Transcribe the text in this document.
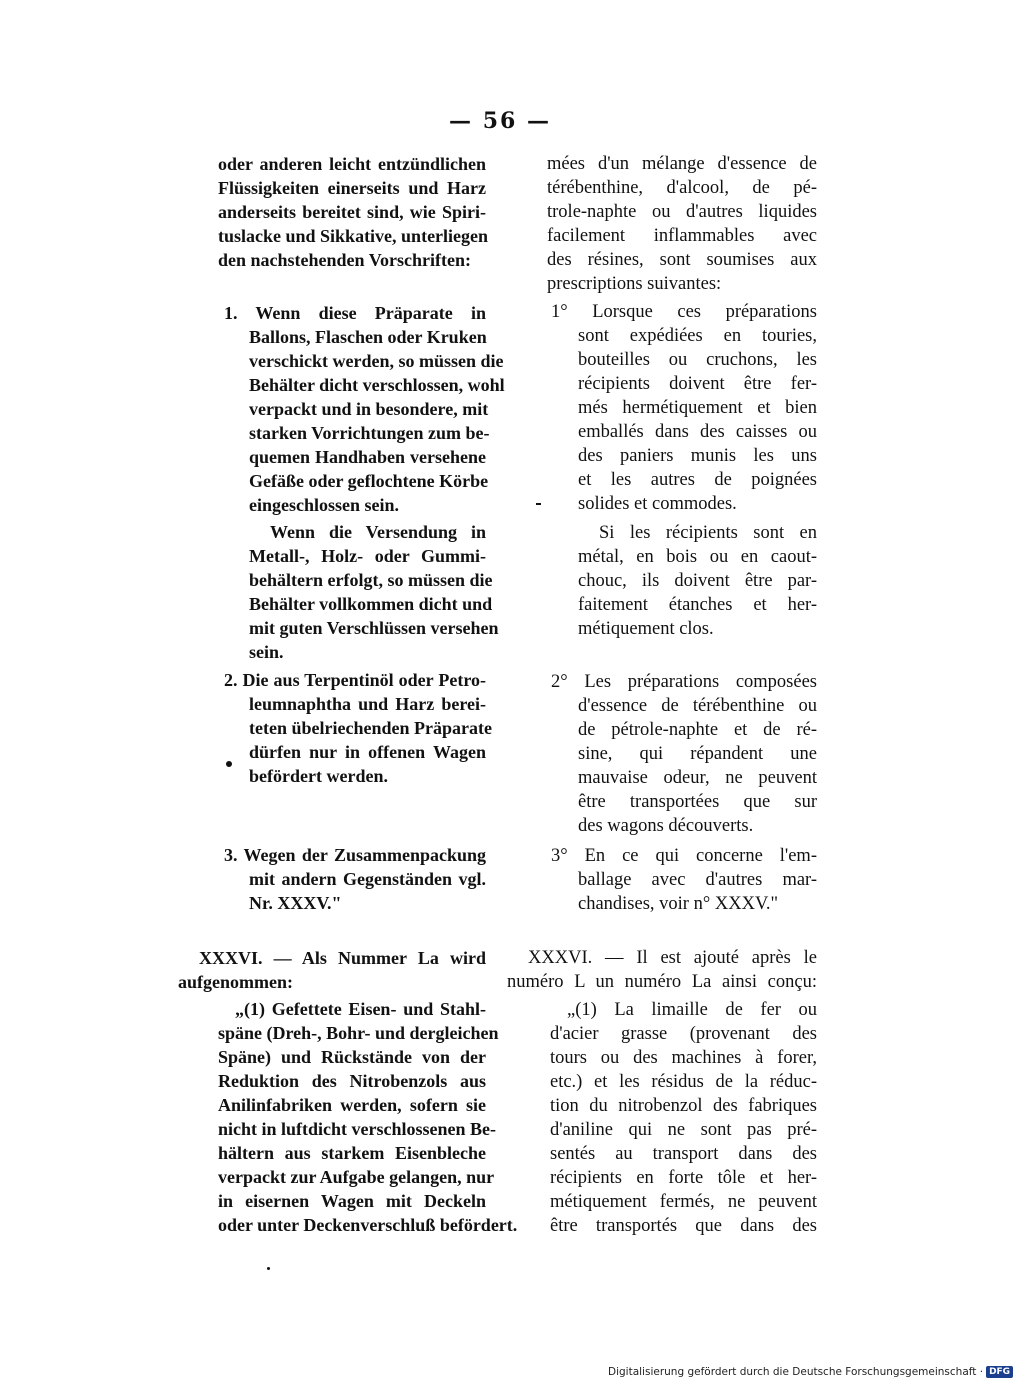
— 56 —
oder anderen leicht entzündlichen
Flüssigkeiten einerseits und Harz
anderseits bereitet sind, wie Spiri-
tuslacke und Sikkative, unterliegen
den nachstehenden Vorschriften:
1. Wenn diese Präparate in
Ballons, Flaschen oder Kruken
verschickt werden, so müssen die
Behälter dicht verschlossen, wohl
verpackt und in besondere, mit
starken Vorrichtungen zum be-
quemen Handhaben versehene
Gefäße oder geflochtene Körbe
eingeschlossen sein.
Wenn die Versendung in
Metall-, Holz- oder Gummi-
behältern erfolgt, so müssen die
Behälter vollkommen dicht und
mit guten Verschlüssen versehen
sein.
2. Die aus Terpentinöl oder Petro-
leumnaphtha und Harz berei-
teten übelriechenden Präparate
dürfen nur in offenen Wagen
befördert werden.
3. Wegen der Zusammenpackung
mit andern Gegenständen vgl.
Nr. XXXV."
XXXVI. — Als Nummer La wird
aufgenommen:
„(1) Gefettete Eisen- und Stahl-
späne (Dreh-, Bohr- und dergleichen
Späne) und Rückstände von der
Reduktion des Nitrobenzols aus
Anilinfabriken werden, sofern sie
nicht in luftdicht verschlossenen Be-
hältern aus starkem Eisenbleche
verpackt zur Aufgabe gelangen, nur
in eisernen Wagen mit Deckeln
oder unter Deckenverschluß befördert.
mées d'un mélange d'essence de
térébenthine, d'alcool, de pé-
trole-naphte ou d'autres liquides
facilement inflammables avec
des résines, sont soumises aux
prescriptions suivantes:
1° Lorsque ces préparations
sont expédiées en touries,
bouteilles ou cruchons, les
récipients doivent être fer-
més hermétiquement et bien
emballés dans des caisses ou
des paniers munis les uns
et les autres de poignées
solides et commodes.
Si les récipients sont en
métal, en bois ou en caout-
chouc, ils doivent être par-
faitement étanches et her-
métiquement clos.
2° Les préparations composées
d'essence de térébenthine ou
de pétrole-naphte et de ré-
sine, qui répandent une
mauvaise odeur, ne peuvent
être transportées que sur
des wagons découverts.
3° En ce qui concerne l'em-
ballage avec d'autres mar-
chandises, voir n° XXXV."
XXXVI. — Il est ajouté après le
numéro L un numéro La ainsi conçu:
„(1) La limaille de fer ou
d'acier grasse (provenant des
tours ou des machines à forer,
etc.) et les résidus de la réduc-
tion du nitrobenzol des fabriques
d'aniline qui ne sont pas pré-
sentés au transport dans des
récipients en forte tôle et her-
métiquement fermés, ne peuvent
être transportés que dans des
Digitalisierung gefördert durch die Deutsche Forschungsgemeinschaft · DFG
